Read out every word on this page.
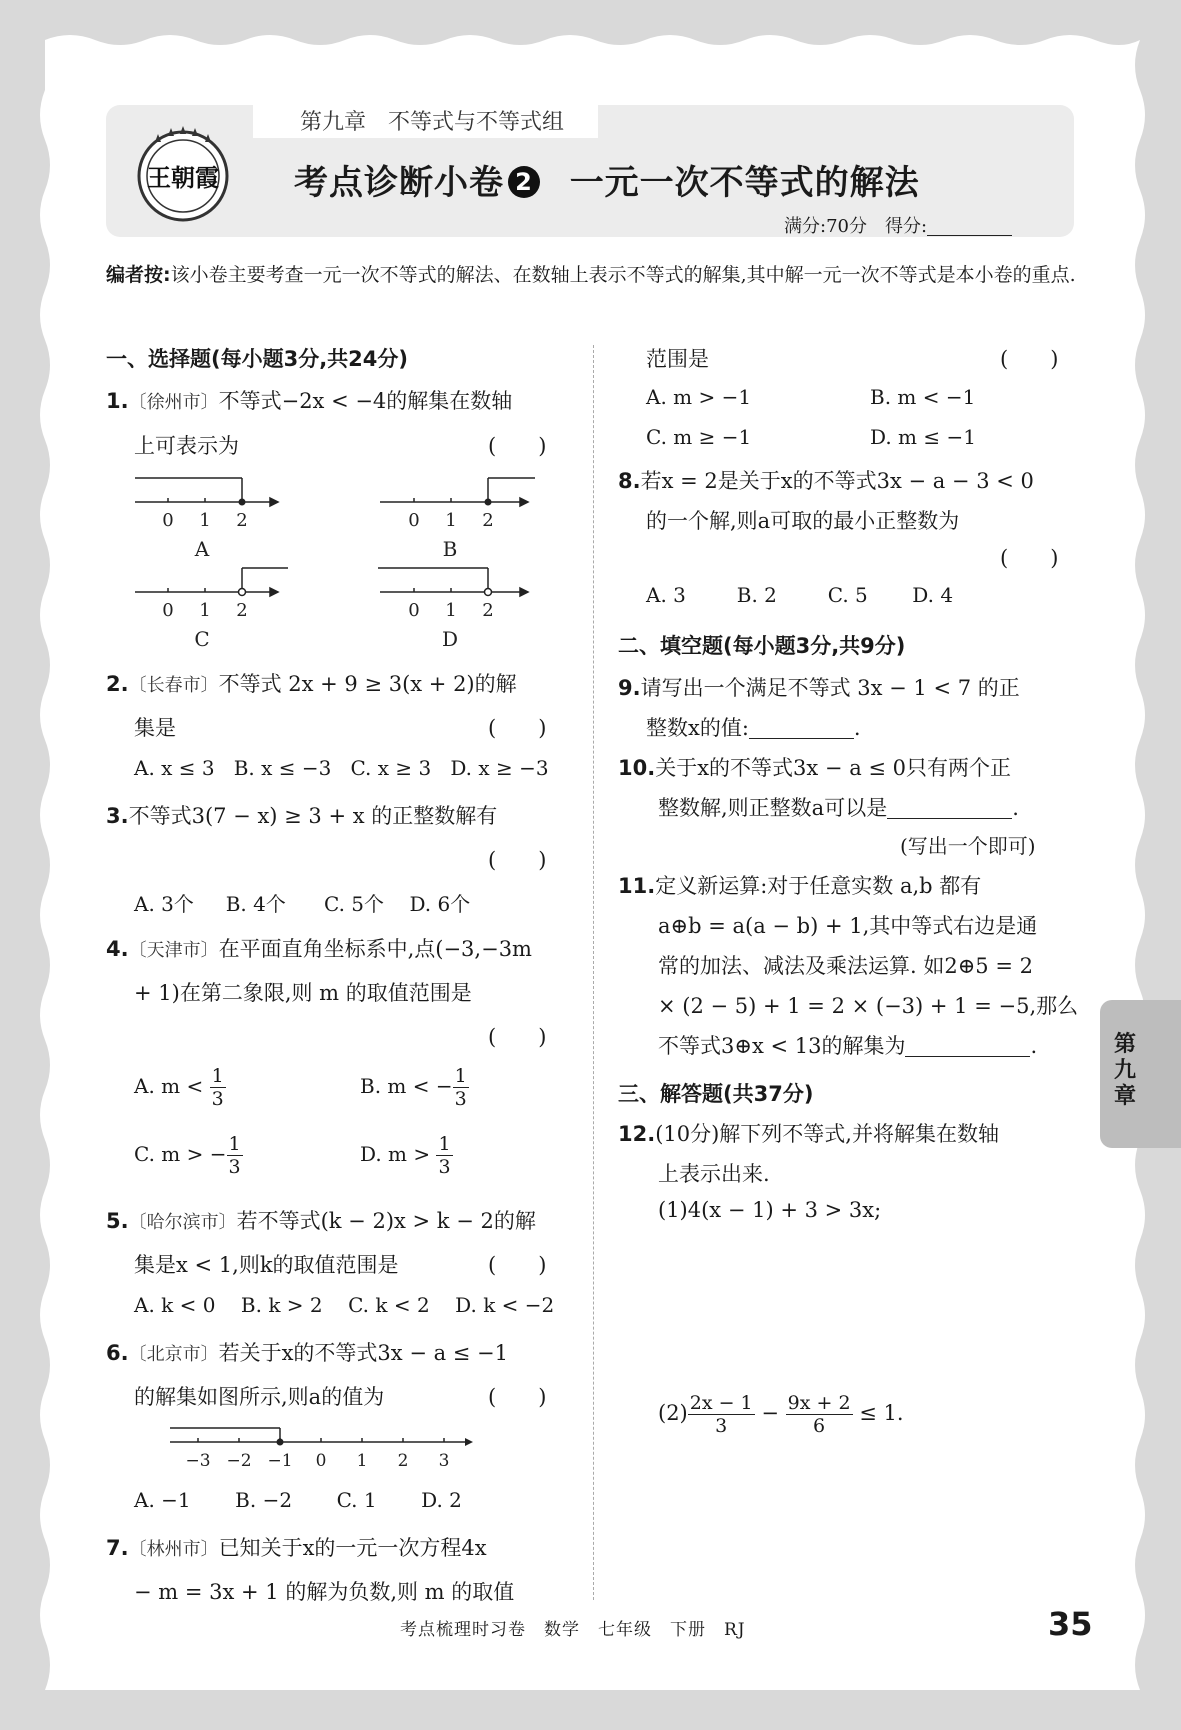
第九章　不等式与不等式组
王朝霞 考点诊断小卷 2 一元一次不等式的解法
满分:70分　得分:
编者按:该小卷主要考查一元一次不等式的解法、在数轴上表示不等式的解集,其中解一元一次不等式是本小卷的重点.
一、选择题(每小题3分,共24分)
1.〔徐州市〕不等式−2x < −4的解集在数轴
上可表示为	(　　)
0 1 2	0 1 2
0 1 2	0 1 2
A	B
C	D
2.〔长春市〕不等式 2x + 9 ≥ 3(x + 2)的解
集是	(　　)
A. x ≤ 3 B. x ≤ −3 C. x ≥ 3 D. x ≥ −3
3.不等式3(7 − x) ≥ 3 + x 的正整数解有
(　　)
A. 3个 B. 4个 C. 5个 D. 6个
4.〔天津市〕在平面直角坐标系中,点(−3,−3m
+ 1)在第二象限,则 m 的取值范围是
(　　)
A. $m < \frac{1}{3}$	B. m < − $\frac{1}{3}$
C. m > − $\frac{1}{3}$	D. $m > \frac{1}{3}$
5.〔哈尔滨市〕若不等式(k − 2)x > k − 2的解
集是x < 1,则k的取值范围是	(　　)
A. k < 0 B. k > 2 C. k < 2 D. k < −2
6.〔北京市〕若关于x的不等式3x − a ≤ −1
的解集如图所示,则a的值为	(　　)
−3 −2 −1 0 1 2 3
A. −1 B. −2 C. 1 D. 2
7.〔林州市〕已知关于x的一元一次方程4x
− m = 3x + 1 的解为负数,则 m 的取值
范围是	(　　)
A. m > −1	B. m < −1
C. m ≥ −1	D. m ≤ −1
8.若x = 2是关于x的不等式3x − a − 3 < 0
的一个解,则a可取的最小正整数为
(　　)
A. 3	B. 2	C. 5 D. 4
二、填空题(每小题3分,共9分)
9.请写出一个满足不等式 3x − 1 < 7 的正
整数x的值:	.
10.关于x的不等式3x − a ≤ 0只有两个正
整数解,则正整数a可以是	.
(写出一个即可)
11.定义新运算:对于任意实数 a,b 都有
a⊕b = a(a − b) + 1,其中等式右边是通
常的加法、减法及乘法运算. 如2⊕5 = 2
× (2 − 5) + 1 = 2 × (−3) + 1 = −5,那么
不等式3⊕x < 13的解集为	.
三、解答题(共37分)
12.(10分)解下列不等式,并将解集在数轴
上表示出来.
(1)4(x − 1) + 3 > 3x;
$(2) \frac{2x - 1}{3} - \frac{9x + 2}{6} \le 1$.
第九章
考点梳理时习卷　数学　七年级　下册　RJ	35
